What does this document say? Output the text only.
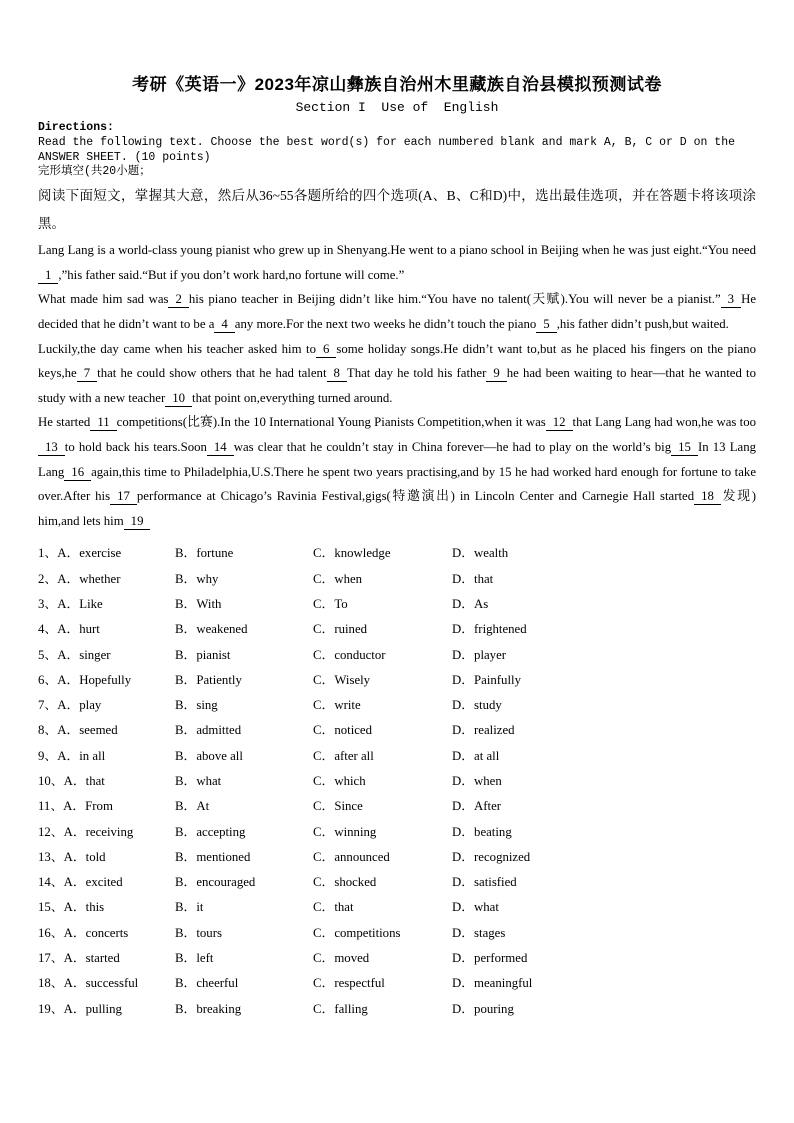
考研《英语一》2023年凉山彝族自治州木里藏族自治县模拟预测试卷
Section I  Use of  English
Directions:
Read the following text. Choose the best word(s) for each numbered blank and mark A, B, C or D on the
ANSWER SHEET. (10 points)
完形填空(共20小题；
阅读下面短文，掌握其大意，然后从36~55各题所给的四个选项(A、B、C和D)中，选出最佳选项，并在答题卡将该项涂黑。

Lang Lang is a world-class young pianist who grew up in Shenyang.He went to a piano school in Beijing when he was just eight.“You need1 ,”his father said.“But if you don’t work hard,no fortune will come.”

What made him sad was 2 his piano teacher in Beijing didn’t like him.“You have no talent(天赋).You will never be a pianist.” 3 He decided that he didn’t want to be a 4 any more.For the next two weeks he didn’t touch the piano 5 ,his father didn’t push,but waited.

Luckily,the day came when his teacher asked him to 6 some holiday songs.He didn’t want to,but as he placed his fingers on the piano keys,he 7 that he could show others that he had talent 8 That day he told his father 9 he had been waiting to hear—that he wanted to study with a new teacher 10 that point on,everything turned around.

He started 11 competitions(比赛).In the 10 International Young Pianists Competition,when it was 12 that Lang Lang had won,he was too13 to hold back his tears.Soon 14 was clear that he couldn’t stay in China forever—he had to play on the world’s big 15 In 13 Lang Lang 16 again,this time to Philadelphia,U.S.There he spent two years practising,and by 15 he had worked hard enough for fortune to take over.After his 17 performance at Chicago’s Ravinia Festival,gigs(特邀演出) in Lincoln Center and Carnegie Hall started 18 发现) him,and lets him 19

1、A．exercise	B．fortune	C．knowledge	D．wealth
2、A．whether	B．why	C．when	D．that
3、A．Like	B．With	C．To	D．As
4、A．hurt	B．weakened	C．ruined	D．frightened
5、A．singer	B．pianist	C．conductor	D．player
6、A．Hopefully	B．Patiently	C．Wisely	D．Painfully
7、A．play	B．sing	C．write	D．study
8、A．seemed	B．admitted	C．noticed	D．realized
9、A．in all	B．above all	C．after all	D．at all
10、A．that	B．what	C．which	D．when
11、A．From	B．At	C．Since	D．After
12、A．receiving	B．accepting	C．winning	D．beating
13、A．told	B．mentioned	C．announced	D．recognized
14、A．excited	B．encouraged	C．shocked	D．satisfied
15、A．this	B．it	C．that	D．what
16、A．concerts	B．tours	C．competitions	D．stages
17、A．started	B．left	C．moved	D．performed
18、A．successful	B．cheerful	C．respectful	D．meaningful
19、A．pulling	B．breaking	C．falling	D．pouring
